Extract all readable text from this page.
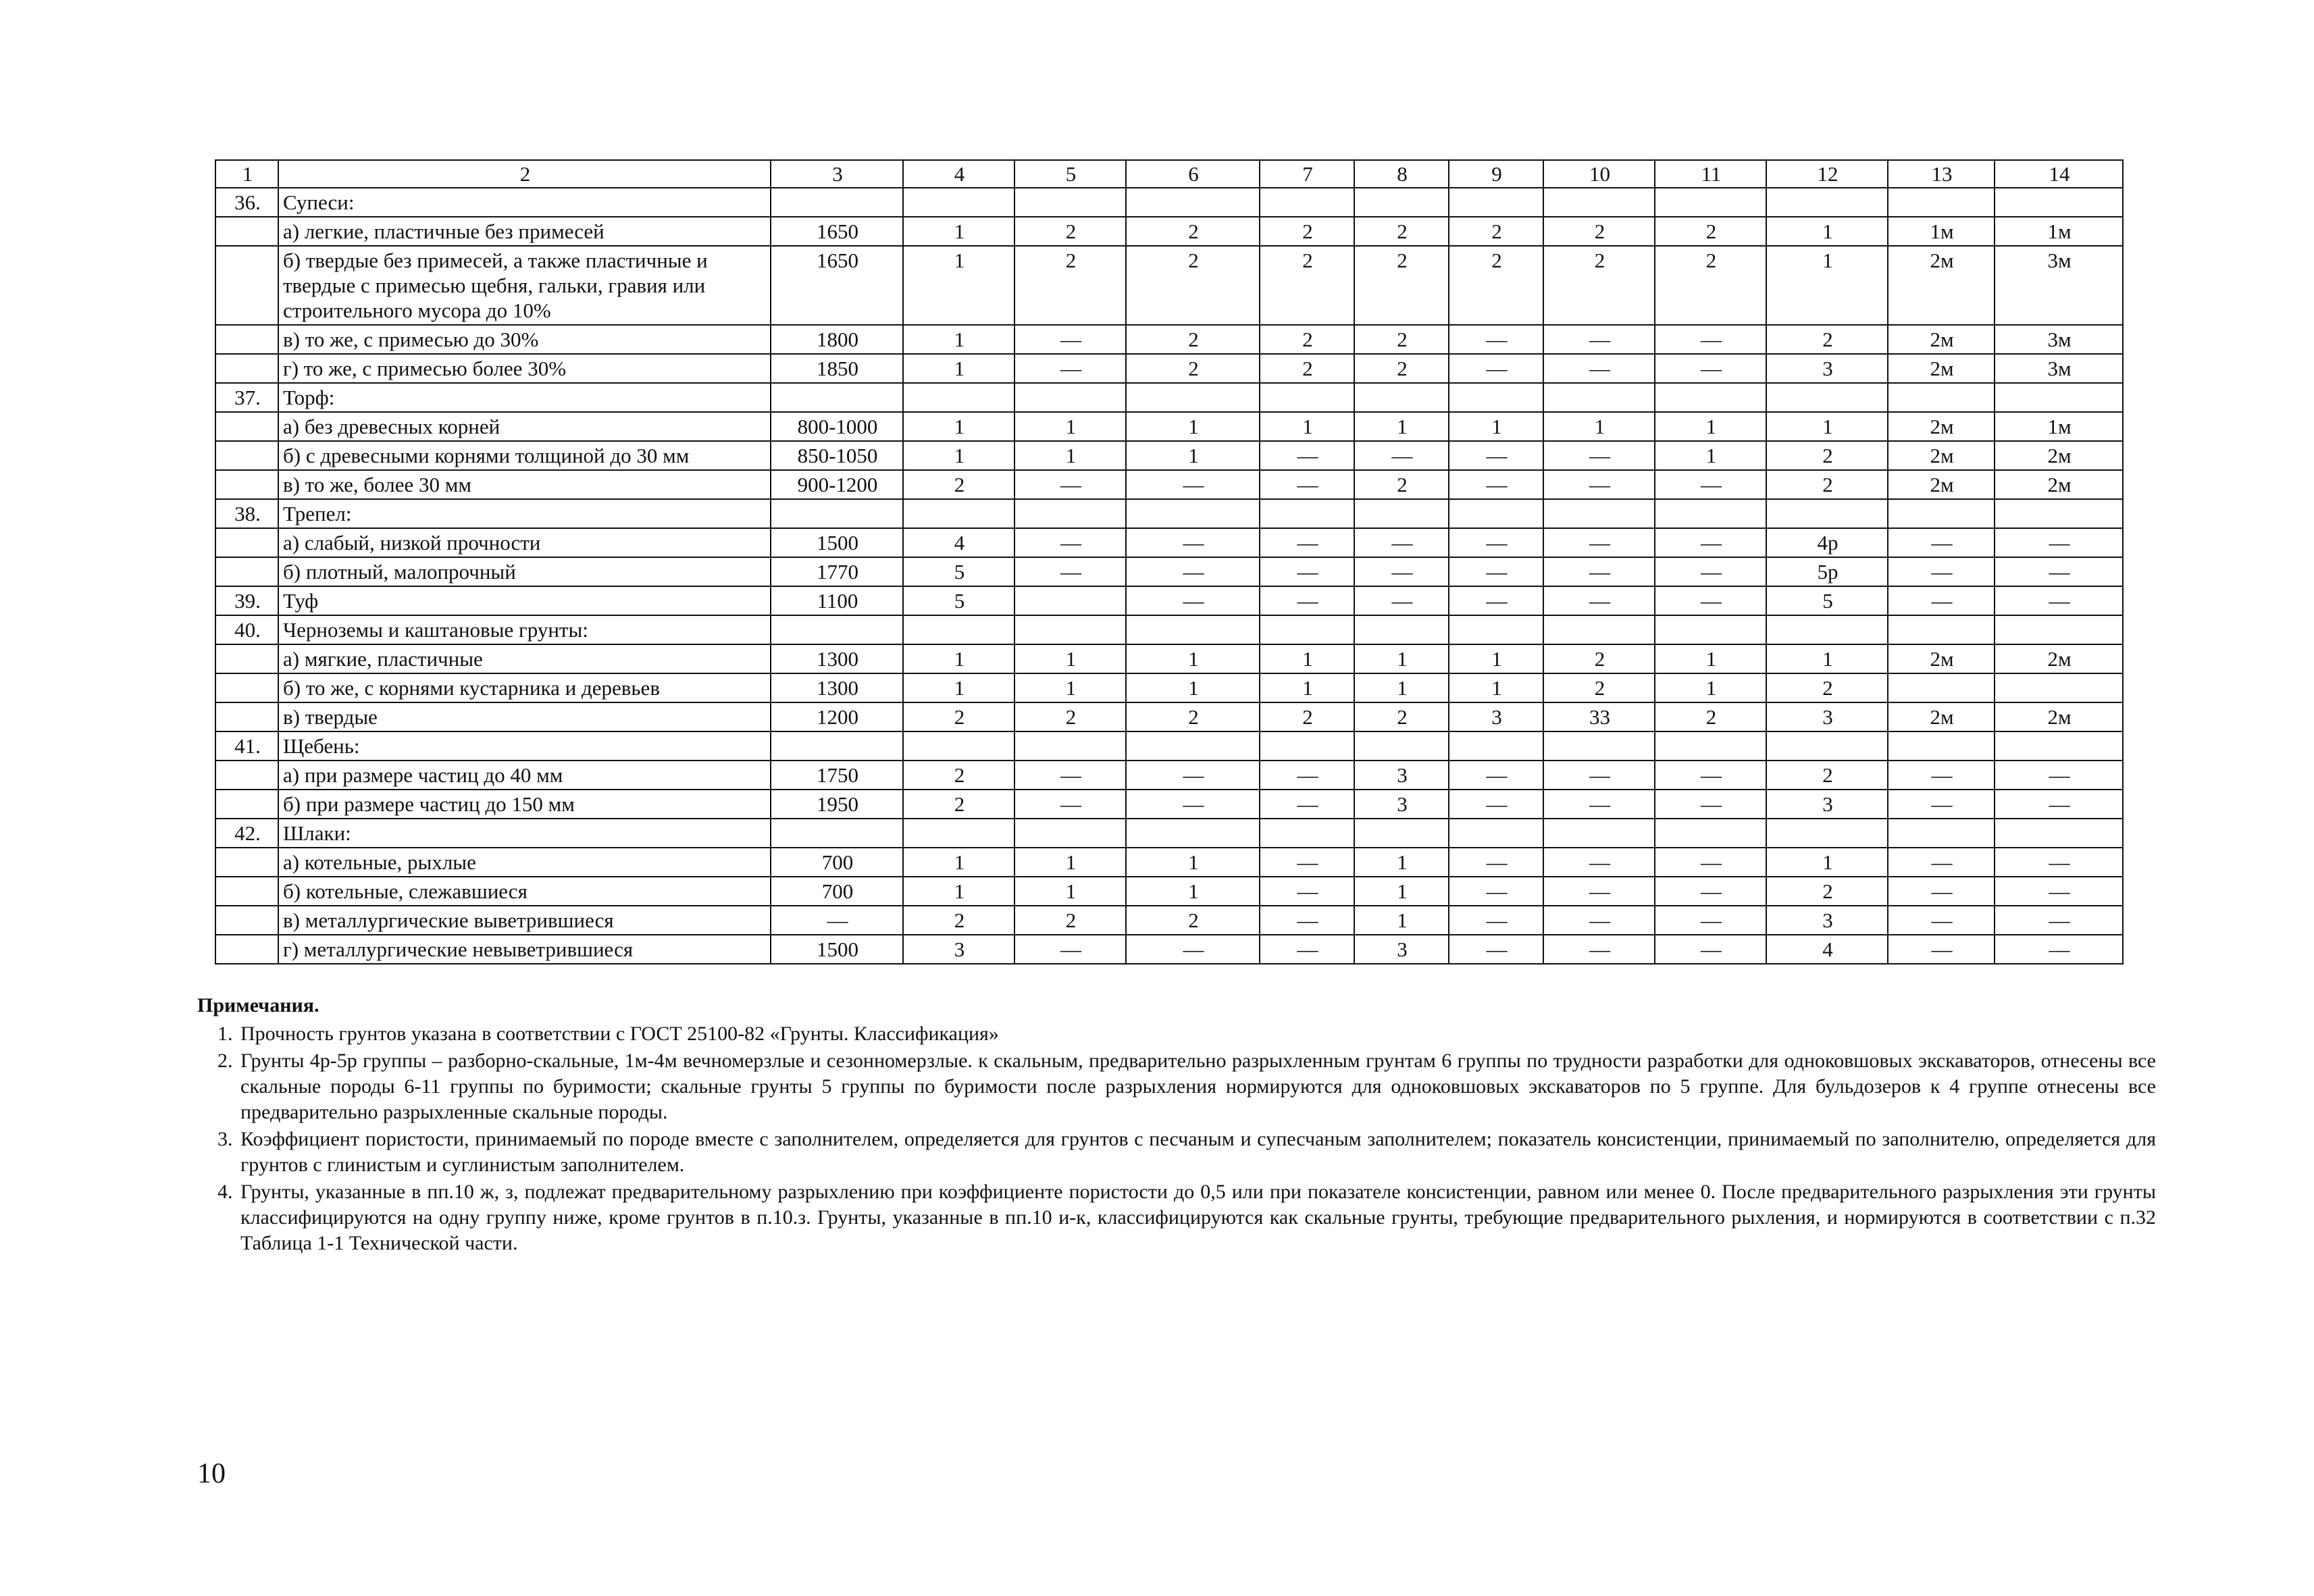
1	2	3	4	5	6	7	8	9	10	11	12	13	14
36.	Супеси:												
	а) легкие, пластичные без примесей	1650	1	2	2	2	2	2	2	2	1	1м	1м
	б) твердые без примесей, а также пластичные и твердые с примесью щебня, гальки, гравия или строительного мусора до 10%	1650	1	2	2	2	2	2	2	2	1	2м	3м
	в) то же, с примесью до 30%	1800	1	—	2	2	2	—	—	—	2	2м	3м
	г) то же, с примесью более 30%	1850	1	—	2	2	2	—	—	—	3	2м	3м
37.	Торф:												
	а) без древесных корней	800-1000	1	1	1	1	1	1	1	1	1	2м	1м
	б) с древесными корнями толщиной до 30 мм	850-1050	1	1	1	—	—	—	—	1	2	2м	2м
	в) то же, более 30 мм	900-1200	2	—	—	—	2	—	—	—	2	2м	2м
38.	Трепел:												
	а) слабый, низкой прочности	1500	4	—	—	—	—	—	—	—	4р	—	—
	б) плотный, малопрочный	1770	5	—	—	—	—	—	—	—	5р	—	—
39.	Туф	1100	5		—	—	—	—	—	—	5	—	—
40.	Черноземы и каштановые грунты:												
	а) мягкие, пластичные	1300	1	1	1	1	1	1	2	1	1	2м	2м
	б) то же, с корнями кустарника и деревьев	1300	1	1	1	1	1	1	2	1	2		
	в) твердые	1200	2	2	2	2	2	3	33	2	3	2м	2м
41.	Щебень:												
	а) при размере частиц до 40 мм	1750	2	—	—	—	3	—	—	—	2	—	—
	б) при размере частиц до 150 мм	1950	2	—	—	—	3	—	—	—	3	—	—
42.	Шлаки:												
	а) котельные, рыхлые	700	1	1	1	—	1	—	—	—	1	—	—
	б) котельные, слежавшиеся	700	1	1	1	—	1	—	—	—	2	—	—
	в) металлургические выветрившиеся	—	2	2	2	—	1	—	—	—	3	—	—
	г) металлургические невыветрившиеся	1500	3	—	—	—	3	—	—	—	4	—	—
Примечания.
1. Прочность грунтов указана в соответствии с ГОСТ 25100-82 «Грунты. Классификация»
2. Грунты 4р-5р группы – разборно-скальные, 1м-4м вечномерзлые и сезонномерзлые. к скальным, предварительно разрыхленным грунтам 6 группы по трудности разработки для одноковшовых экскаваторов, отнесены все скальные породы 6-11 группы по буримости; скальные грунты 5 группы по буримости после разрыхления нормируются для одноковшовых экскаваторов по 5 группе. Для бульдозеров к 4 группе отнесены все предварительно разрыхленные скальные породы.
3. Коэффициент пористости, принимаемый по породе вместе с заполнителем, определяется для грунтов с песчаным и супесчаным заполнителем; показатель консистенции, принимаемый по заполнителю, определяется для грунтов с глинистым и суглинистым заполнителем.
4. Грунты, указанные в пп.10 ж, з, подлежат предварительному разрыхлению при коэффициенте пористости до 0,5 или при показателе консистенции, равном или менее 0. После предварительного разрыхления эти грунты классифицируются на одну группу ниже, кроме грунтов в п.10.з. Грунты, указанные в пп.10 и-к, классифицируются как скальные грунты, требующие предварительного рыхления, и нормируются в соответствии с п.32 Таблица 1-1 Технической части.
10
